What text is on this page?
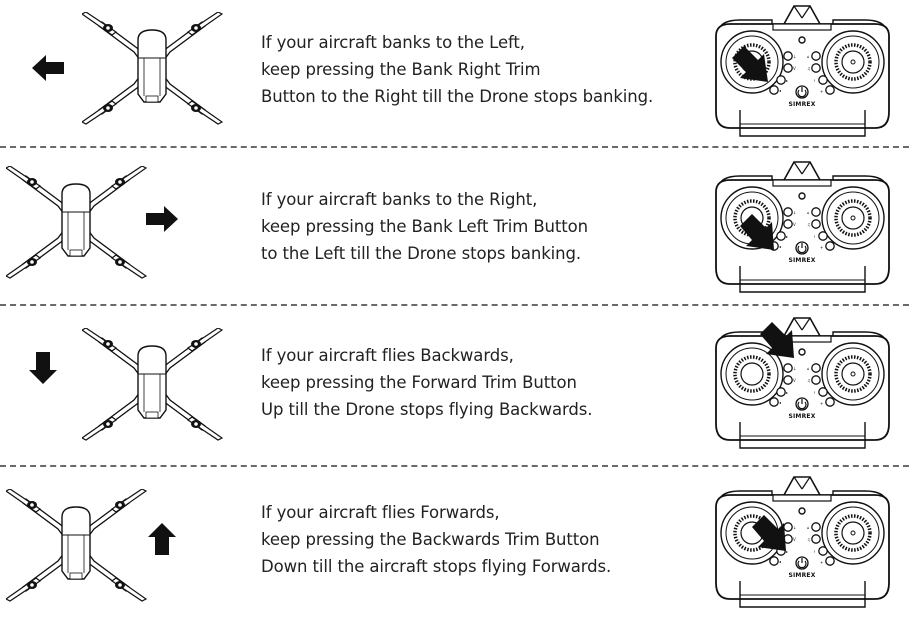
If your aircraft banks to the Left,
keep pressing the Bank Right Trim
Button to the Right till the Drone stops banking.
If your aircraft banks to the Right,
keep pressing the Bank Left Trim Button
to the Left till the Drone stops banking.
If your aircraft flies Backwards,
keep pressing the Forward Trim Button
Up till the Drone stops flying Backwards.
If your aircraft flies Forwards,
keep pressing the Backwards Trim Button
Down till the aircraft stops flying Forwards.
